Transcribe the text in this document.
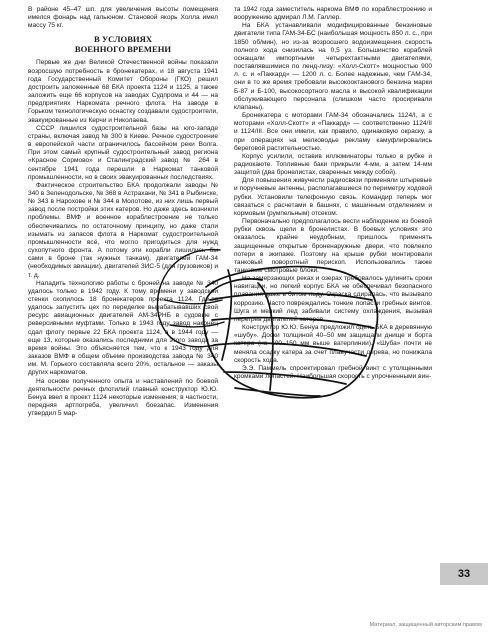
В районе 45–47 шп. для увеличения высоты помещения имелся фонарь над гальюном. Становой якорь Холла имел массу 75 кг.

В УСЛОВИЯХ
ВОЕННОГО ВРЕМЕНИ

Первые же дни Великой Отечественной войны показали возросшую потребность в бронекатерах, и 18 августа 1941 года Государственный Комитет Обороны (ГКО) решил достроить заложенные 68 БКА проекта 1124 и 1125, а также заложить еще 66 корпусов на заводах Судпрома и 44 — на предприятиях Наркомата речного флота. На заводе в Горьком технологическую оснастку создавали судостроители, эвакуированные из Керчи и Николаева.

СССР лишился судостроительной базы на юго-западе страны, включая завод № 300 в Киеве. Речное судостроение в европейской части ограничилось бассейном реки Волга. При этом самый крупный судостроительный завод региона «Красное Сормово» и Сталинградский завод № 264 в сентябре 1941 года перешли в Наркомат танковой промышленности, но в своих эвакуированных последствиях.

Фактическое строительство БКА продолжали заводы № 340 в Зеленодольске, № 368 в Астрахани, № 341 в Рыбинске, № 343 в Нарохове и № 344 в Молотове, из них лишь первый завод после постройки этих катеров. Но даже здесь возникли проблемы. ВМФ и военное кораблестроение не только обеспечивались по остаточному принципу, но даже стали изымать из запасов флота в Наркомат судостроительной промышленности всё, что могло пригодиться для нужд сухопутного фронта. А потому эти корабли лишились бы сами в броне (так нужных танкам), двигателей ГАМ-34 (необходимых авиации), двигателей ЗИС-5 (для грузовиков) и т. д.

Наладить технологию работы с броней на заводе № 340 удалось только в 1942 году. К тому времени у заводской стенки скопилось 18 бронекатеров проекта 1124. Где-то удалось запустить цех по переделке вырабатывавших свой ресурс авиационных двигателей АМ-34РНБ в судовые с реверсивными муфтами. Только в 1943 году завод наконец сдал флоту первые 22 БКА проекта 1124, а в 1944 году — еще 13, которые оказались последними для этого завода за время войны. Это объясняется тем, что к 1943 году для заказов ВМФ в общем объеме производства завода № 340 им. М. Горького составляла всего 20%, остальное — заказы других наркоматов.

На основе полученного опыта и наставлений по боевой деятельности речных флотилий главный конструктор Ю.Ю. Бенуа ввел в проект 1124 некоторые изменения; в частности, передняя артпогреба, увеличил боезапас. Изменения утвердил 5 мар-

та 1942 года заместитель наркома ВМФ по кораблестроению и вооружению адмирал Л.М. Галлер.

На БКА устанавливали модифицированные бензиновые двигатели типа ГАМ-34-БС (наибольшая мощность 850 л. с., при 1850 об/мин), но из-за возросшего водоизмещения скорость полного хода снизилась на 0,5 уз. Большинство кораблей оснащали импортными четырехтактными двигателями, поставлявшимися по ленд-лизу: «Холл-Скотт» мощностью 900 л. с. и «Паккард» — 1200 л. с. Более надежные, чем ГАМ-34, они в то же время требовали высокооктанового бензина марки Б-87 и Б-100, высокосортного масла и высокой квалификации обслуживающего персонала (слишком часто просиривали клапаны).

Бронекатера с моторами ГАМ-34 обозначались 1124/I, а с моторами «Холл-Скотт» и «Паккард» — соответственно 1124/II и 1124/III. Все они имели, как правило, одинаковую окраску, а при операциях на мелководье рекламу камуфлировались береговой растительностью.

Корпус усилили, оставив иллюминаторы только в рубке и радиокаюте. Топливные баки прикрыли 4-мм, а затем 14-мм защитой (два бронелистах, сваренных между собой).

Для повышения живучести радиосвязи применяли штыревые и поручневые антенны, располагавшиеся по периметру ходовой рубки. Установили телефонную связь. Командир теперь мог связаться с расчетами в башнях, с машинным отделением и кормовым (румпельным) отсеком.

Первоначально предполагалось вести наблюдение из боевой рубки сквозь щели в бронелистах. В боевых условиях это оказалось крайне неудобным, пришлось применять защищенные открытые броненаружные двери, что повлекло потери в экипаже. Поэтому на крыше рубки монтировали танковый поворотный перископ. Использовались также танковые смотровые блоки.

На замерзающих реках и озерах требовалось удлинить сроки навигации, но легкий корпус БКА не обеспечивал безопасного плавания даже в битом льду. Окраска сдиралась, что вызывало коррозию. Часто повреждались тонкие лопасти гребных винтов. Шуга и мелкий лед забивали систему охлаждения, вызывая перегрев двигателей катеров.

Конструктор Ю.Ю. Бенуа предложил одеть БКА в деревянную «шубу». Доски толщиной 40–50 мм защищали днище и борта катера (на 100–150 мм выше ватерлинии). «Шуба» почти не меняла осадку катера за счет плавучести дерева, но понижала скорость хода.

Э.Э. Паммель спроектировал гребной винт с утолщенными кромками лопастей. Наибольшая скорость с упрочненными вин-

33
Материал, защищенный авторским правом
